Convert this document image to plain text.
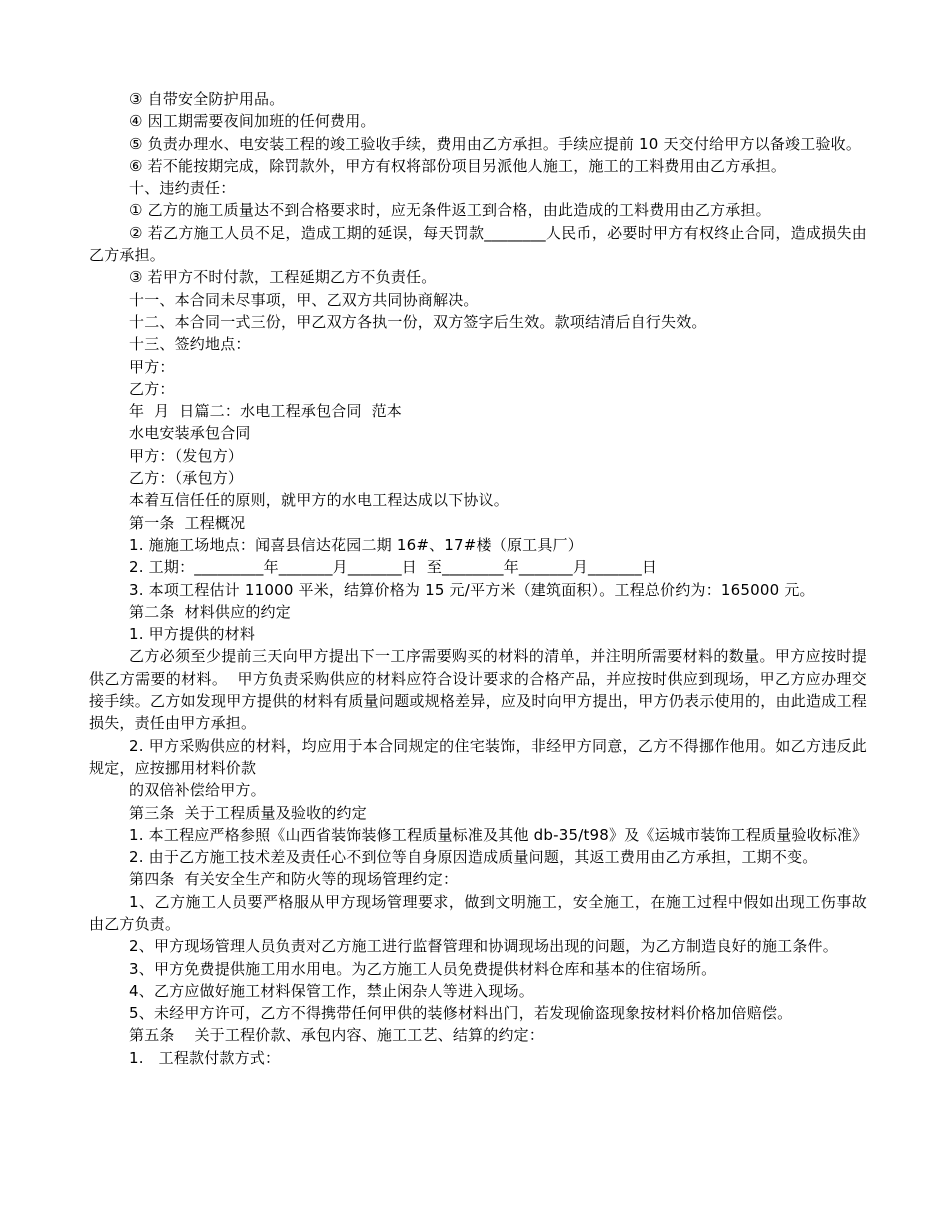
③ 自带安全防护用品。

④ 因工期需要夜间加班的任何费用。

⑤ 负责办理水、电安装工程的竣工验收手续，费用由乙方承担。手续应提前 10 天交付给甲方以备竣工验收。

⑥ 若不能按期完成，除罚款外，甲方有权将部份项目另派他人施工，施工的工料费用由乙方承担。

十、违约责任：

① 乙方的施工质量达不到合格要求时，应无条件返工到合格，由此造成的工料费用由乙方承担。

② 若乙方施工人员不足，造成工期的延误，每天罚款________人民币，必要时甲方有权终止合同，造成损失由乙方承担。

③ 若甲方不时付款，工程延期乙方不负责任。

十一、本合同未尽事项，甲、乙双方共同协商解决。

十二、本合同一式三份，甲乙双方各执一份，双方签字后生效。款项结清后自行失效。

十三、签约地点：

甲方：

乙方：

年  月  日篇二：水电工程承包合同  范本

水电安装承包合同

甲方：（发包方）

乙方：（承包方）

本着互信任任的原则，就甲方的水电工程达成以下协议。

第一条  工程概况

1. 施施工场地点：闻喜县信达花园二期 16#、17#楼（原工具厂）

2. 工期：_________年_______月_______日  至________年_______月_______日

3. 本项工程估计 11000 平米，结算价格为 15 元/平方米（建筑面积）。工程总价约为：165000 元。

第二条  材料供应的约定

1. 甲方提供的材料

乙方必须至少提前三天向甲方提出下一工序需要购买的材料的清单，并注明所需要材料的数量。甲方应按时提供乙方需要的材料。  甲方负责采购供应的材料应符合设计要求的合格产品，并应按时供应到现场，甲乙方应办理交接手续。乙方如发现甲方提供的材料有质量问题或规格差异，应及时向甲方提出，甲方仍表示使用的，由此造成工程损失，责任由甲方承担。

2. 甲方采购供应的材料，均应用于本合同规定的住宅装饰，非经甲方同意，乙方不得挪作他用。如乙方违反此规定，应按挪用材料价款

的双倍补偿给甲方。

第三条  关于工程质量及验收的约定

1. 本工程应严格参照《山西省装饰装修工程质量标准及其他 db-35/t98》及《运城市装饰工程质量验收标准》

2. 由于乙方施工技术差及责任心不到位等自身原因造成质量问题，其返工费用由乙方承担，工期不变。

第四条  有关安全生产和防火等的现场管理约定：

1、乙方施工人员要严格服从甲方现场管理要求，做到文明施工，安全施工，在施工过程中假如出现工伤事故由乙方负责。

2、甲方现场管理人员负责对乙方施工进行监督管理和协调现场出现的问题，为乙方制造良好的施工条件。

3、甲方免费提供施工用水用电。为乙方施工人员免费提供材料仓库和基本的住宿场所。

4、乙方应做好施工材料保管工作，禁止闲杂人等进入现场。

5、未经甲方许可，乙方不得携带任何甲供的装修材料出门，若发现偷盗现象按材料价格加倍赔偿。

第五条    关于工程价款、承包内容、施工工艺、结算的约定：

1.   工程款付款方式：
